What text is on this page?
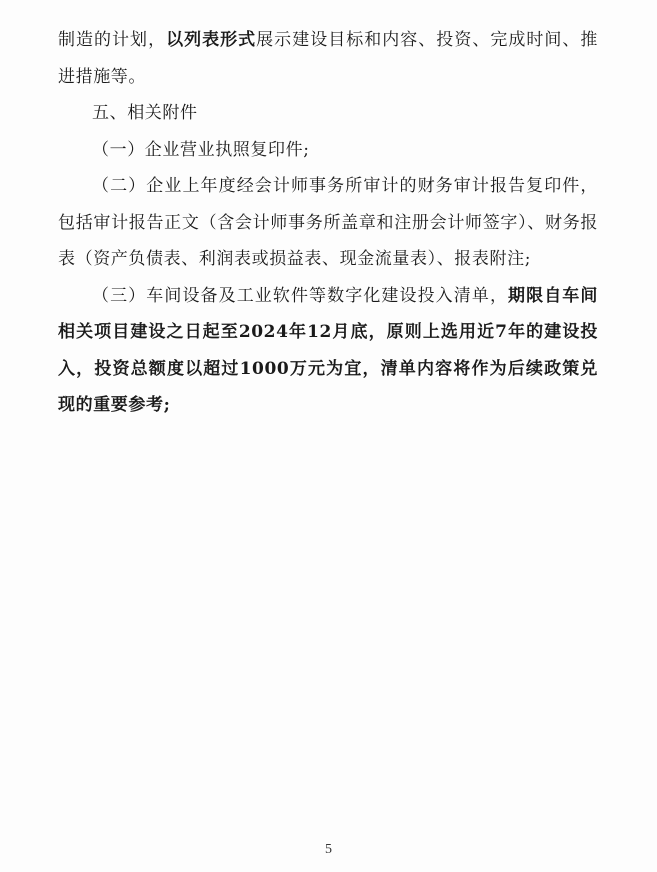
制造的计划，以列表形式展示建设目标和内容、投资、完成时间、推进措施等。

五、相关附件

（一）企业营业执照复印件;

（二）企业上年度经会计师事务所审计的财务审计报告复印件，包括审计报告正文（含会计师事务所盖章和注册会计师签字）、财务报表（资产负债表、利润表或损益表、现金流量表）、报表附注;

（三）车间设备及工业软件等数字化建设投入清单，期限自车间相关项目建设之日起至2024年12月底，原则上选用近7年的建设投入，投资总额度以超过1000万元为宜，清单内容将作为后续政策兑现的重要参考;

5
